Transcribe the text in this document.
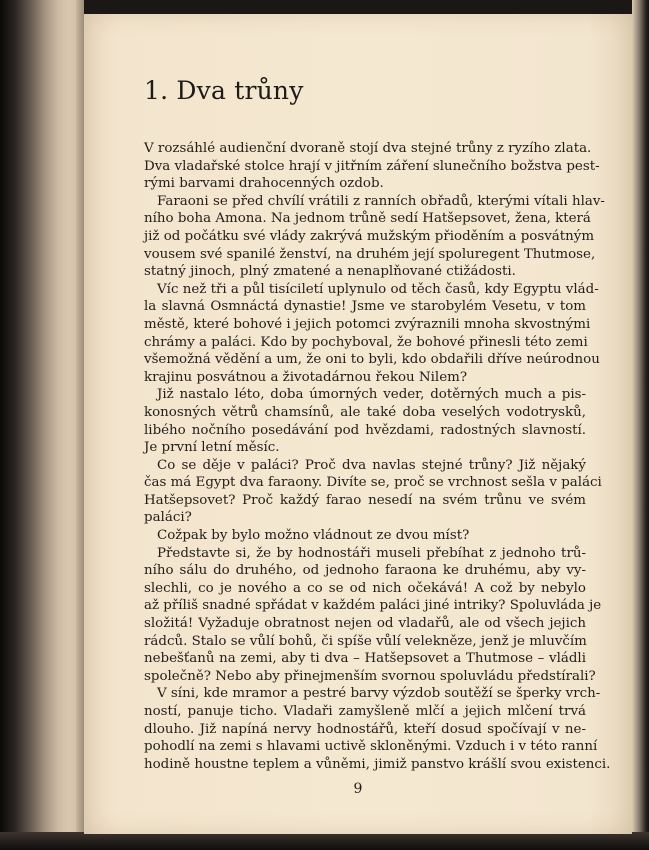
1. Dva trůny
V rozsáhlé audienční dvoraně stojí dva stejné trůny z ryzího zlata.
Dva vladařské stolce hrají v jitřním záření slunečního božstva pest-
rými barvami drahocenných ozdob.
Faraoni se před chvílí vrátili z ranních obřadů, kterými vítali hlav-
ního boha Amona. Na jednom trůně sedí Hatšepsovet, žena, která
již od počátku své vlády zakrývá mužským přioděním a posvátným
vousem své spanilé ženství, na druhém její spoluregent Thutmose,
statný jinoch, plný zmatené a nenaplňované ctižádosti.
Víc než tři a půl tisíciletí uplynulo od těch časů, kdy Egyptu vlád-
la slavná Osmnáctá dynastie! Jsme ve starobylém Vesetu, v tom
městě, které bohové i jejich potomci zvýraznili mnoha skvostnými
chrámy a paláci. Kdo by pochyboval, že bohové přinesli této zemi
všemožná vědění a um, že oni to byli, kdo obdařili dříve neúrodnou
krajinu posvátnou a životadárnou řekou Nilem?
Již nastalo léto, doba úmorných veder, dotěrných much a pis-
konosných větrů chamsínů, ale také doba veselých vodotrysků,
libého nočního posedávání pod hvězdami, radostných slavností.
Je první letní měsíc.
Co se děje v paláci? Proč dva navlas stejné trůny? Již nějaký
čas má Egypt dva faraony. Divíte se, proč se vrchnost sešla v paláci
Hatšepsovet? Proč každý farao nesedí na svém trůnu ve svém
paláci?
Cožpak by bylo možno vládnout ze dvou míst?
Představte si, že by hodnostáři museli přebíhat z jednoho trů-
ního sálu do druhého, od jednoho faraona ke druhému, aby vy-
slechli, co je nového a co se od nich očekává! A což by nebylo
až příliš snadné spřádat v každém paláci jiné intriky? Spoluvláda je
složitá! Vyžaduje obratnost nejen od vladařů, ale od všech jejich
rádců. Stalo se vůlí bohů, či spíše vůlí velekněze, jenž je mluvčím
nebešťanů na zemi, aby ti dva – Hatšepsovet a Thutmose – vládli
společně? Nebo aby přinejmenším svornou spoluvládu předstírali?
V síni, kde mramor a pestré barvy výzdob soutěží se šperky vrch-
ností, panuje ticho. Vladaři zamyšleně mlčí a jejich mlčení trvá
dlouho. Již napíná nervy hodnostářů, kteří dosud spočívají v ne-
pohodlí na zemi s hlavami uctivě skloněnými. Vzduch i v této ranní
hodině houstne teplem a vůněmi, jimiž panstvo krášlí svou existenci.
9
